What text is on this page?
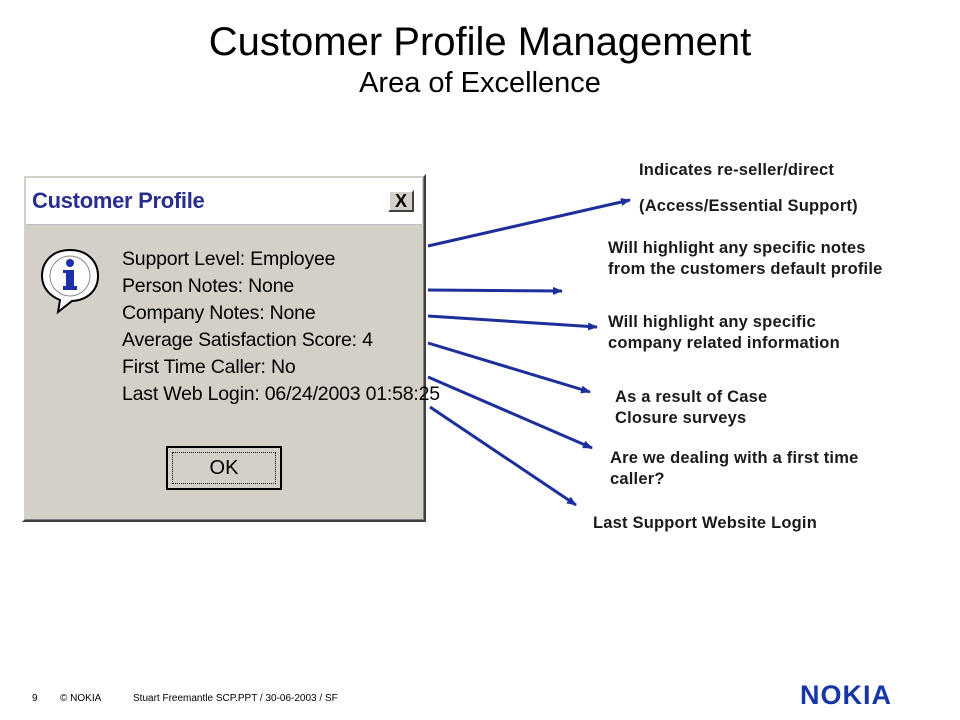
Customer Profile Management
Area of Excellence
Customer Profile	X
Support Level: Employee
Person Notes: None
Company Notes: None
Average Satisfaction Score: 4
First Time Caller: No
Last Web Login: 06/24/2003 01:58:25
OK
Indicates re-seller/direct
(Access/Essential Support)
Will highlight any specific notes from the customers default profile
Will highlight any specific company related information
As a result of Case Closure surveys
Are we dealing with a first time caller?
Last Support Website Login
9 © NOKIA	Stuart Freemantle SCP.PPT / 30-06-2003 / SF	NOKIA
